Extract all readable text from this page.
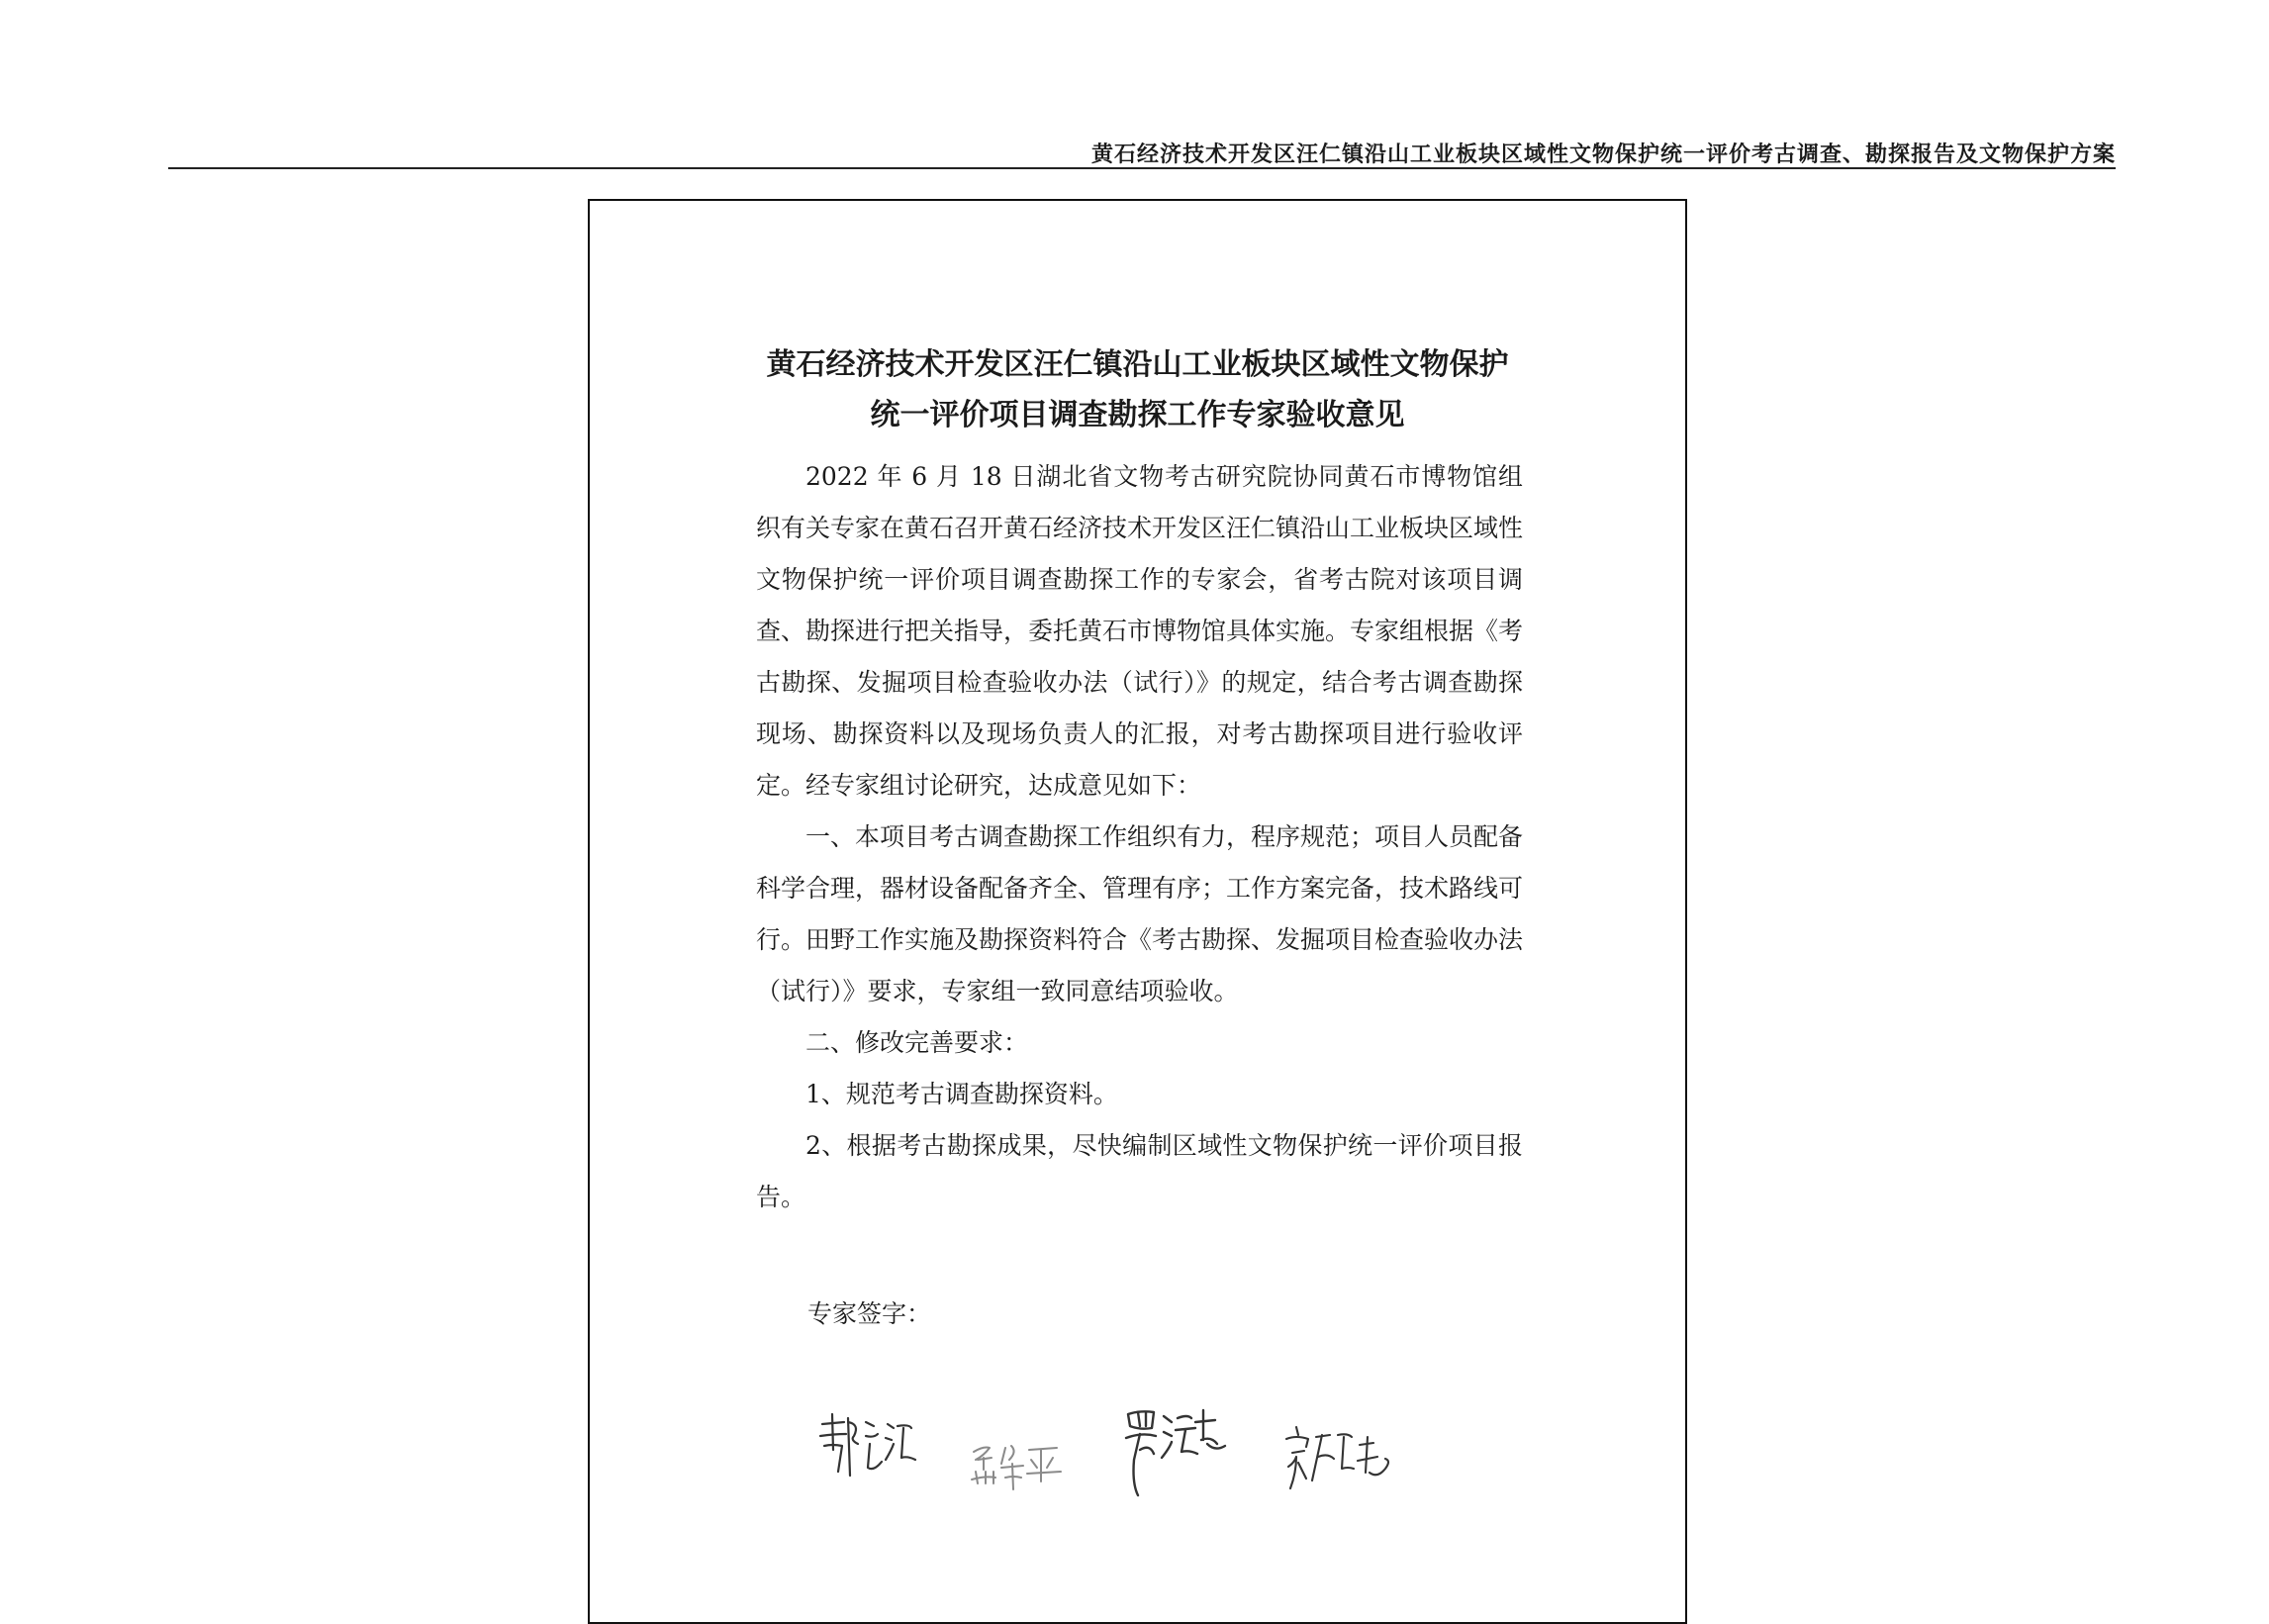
黄石经济技术开发区汪仁镇沿山工业板块区域性文物保护统一评价考古调查、勘探报告及文物保护方案
黄石经济技术开发区汪仁镇沿山工业板块区域性文物保护
统一评价项目调查勘探工作专家验收意见

2022 年 6 月 18 日湖北省文物考古研究院协同黄石市博物馆组织有关专家在黄石召开黄石经济技术开发区汪仁镇沿山工业板块区域性文物保护统一评价项目调查勘探工作的专家会，省考古院对该项目调查、勘探进行把关指导，委托黄石市博物馆具体实施。专家组根据《考古勘探、发掘项目检查验收办法（试行）》的规定，结合考古调查勘探现场、勘探资料以及现场负责人的汇报，对考古勘探项目进行验收评定。经专家组讨论研究，达成意见如下：

一、本项目考古调查勘探工作组织有力，程序规范；项目人员配备科学合理，器材设备配备齐全、管理有序；工作方案完备，技术路线可行。田野工作实施及勘探资料符合《考古勘探、发掘项目检查验收办法（试行）》要求，专家组一致同意结项验收。

二、修改完善要求：

1、规范考古调查勘探资料。

2、根据考古勘探成果，尽快编制区域性文物保护统一评价项目报告。

专家签字：
